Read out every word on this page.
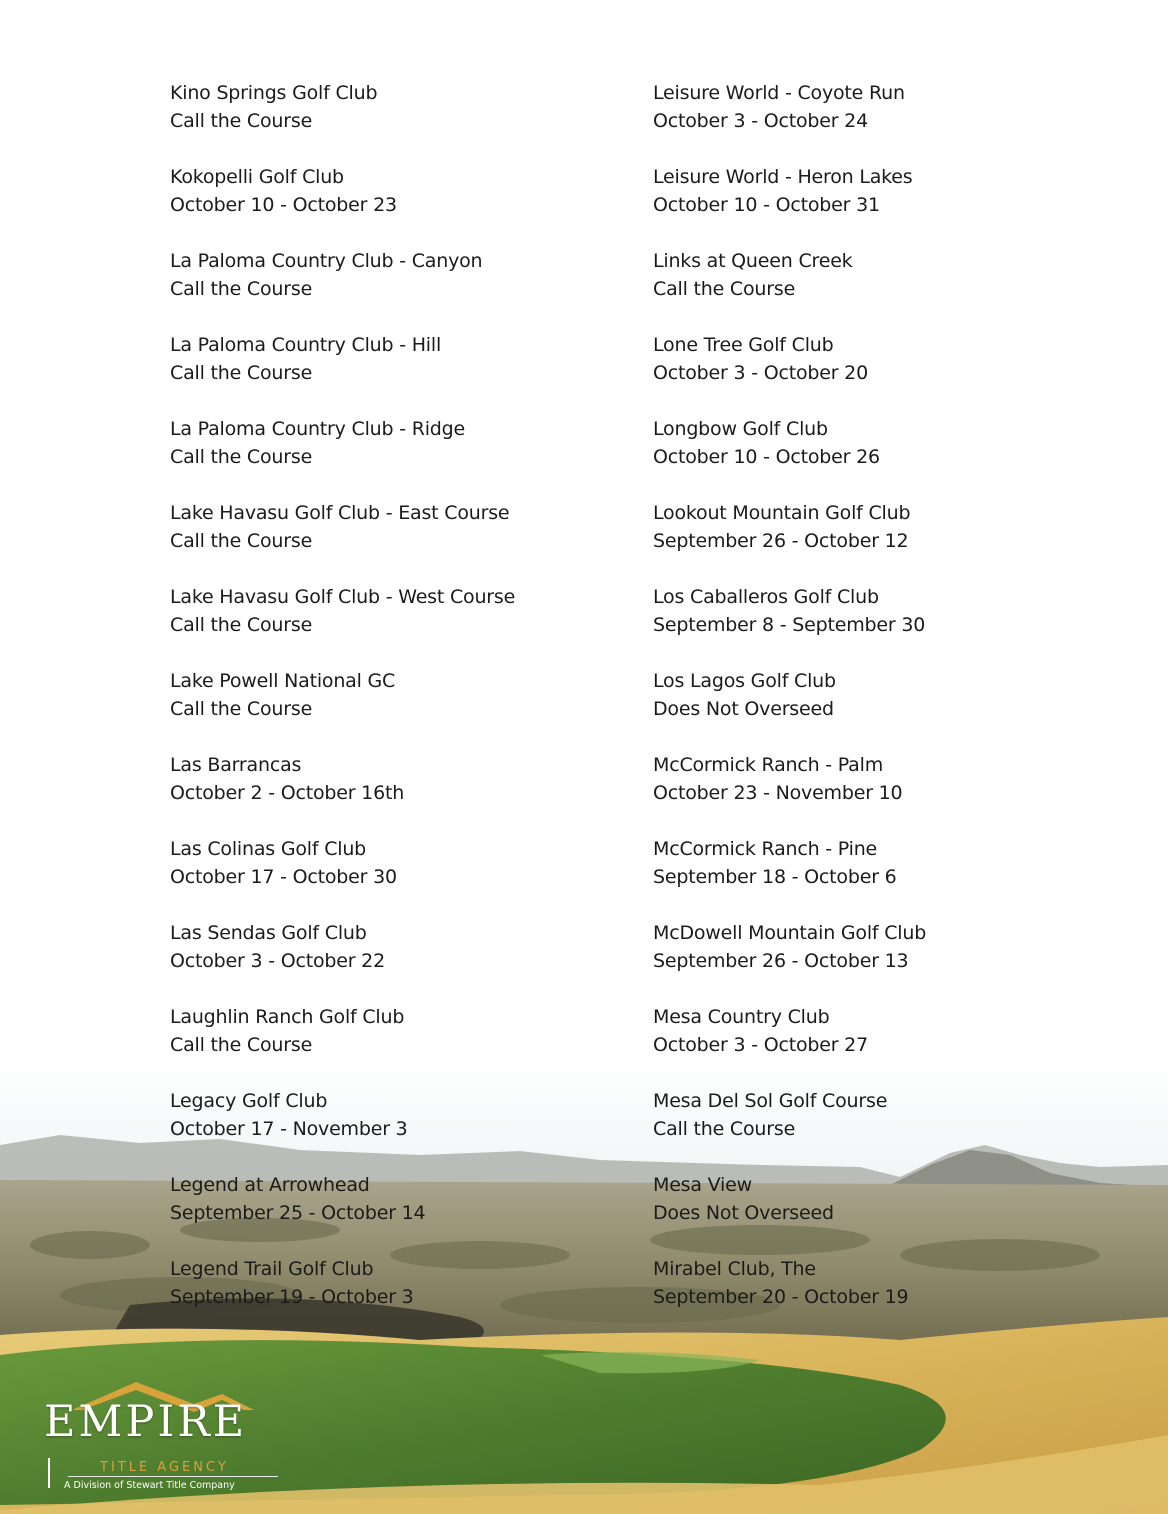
Kino Springs Golf Club
Call the Course
Kokopelli Golf Club
October 10 - October 23
La Paloma Country Club - Canyon
Call the Course
La Paloma Country Club - Hill
Call the Course
La Paloma Country Club - Ridge
Call the Course
Lake Havasu Golf Club - East Course
Call the Course
Lake Havasu Golf Club - West Course
Call the Course
Lake Powell National GC
Call the Course
Las Barrancas
October 2 - October 16th
Las Colinas Golf Club
October 17 - October 30
Las Sendas Golf Club
October 3 - October 22
Laughlin Ranch Golf Club
Call the Course
Legacy Golf Club
October 17 - November 3
Legend at Arrowhead
September 25 - October 14
Legend Trail Golf Club
September 19 - October 3
Leisure World - Coyote Run
October 3 - October 24
Leisure World - Heron Lakes
October 10 - October 31
Links at Queen Creek
Call the Course
Lone Tree Golf Club
October 3 - October 20
Longbow Golf Club
October 10 - October 26
Lookout Mountain Golf Club
September 26 - October 12
Los Caballeros Golf Club
September 8 - September 30
Los Lagos Golf Club
Does Not Overseed
McCormick Ranch - Palm
October 23 - November 10
McCormick Ranch - Pine
September 18 - October 6
McDowell Mountain Golf Club
September 26 - October 13
Mesa Country Club
October 3 - October 27
Mesa Del Sol Golf Course
Call the Course
Mesa View
Does Not Overseed
Mirabel Club, The
September 20 - October 19
EMPIRE
TITLE AGENCY
A Division of Stewart Title Company
